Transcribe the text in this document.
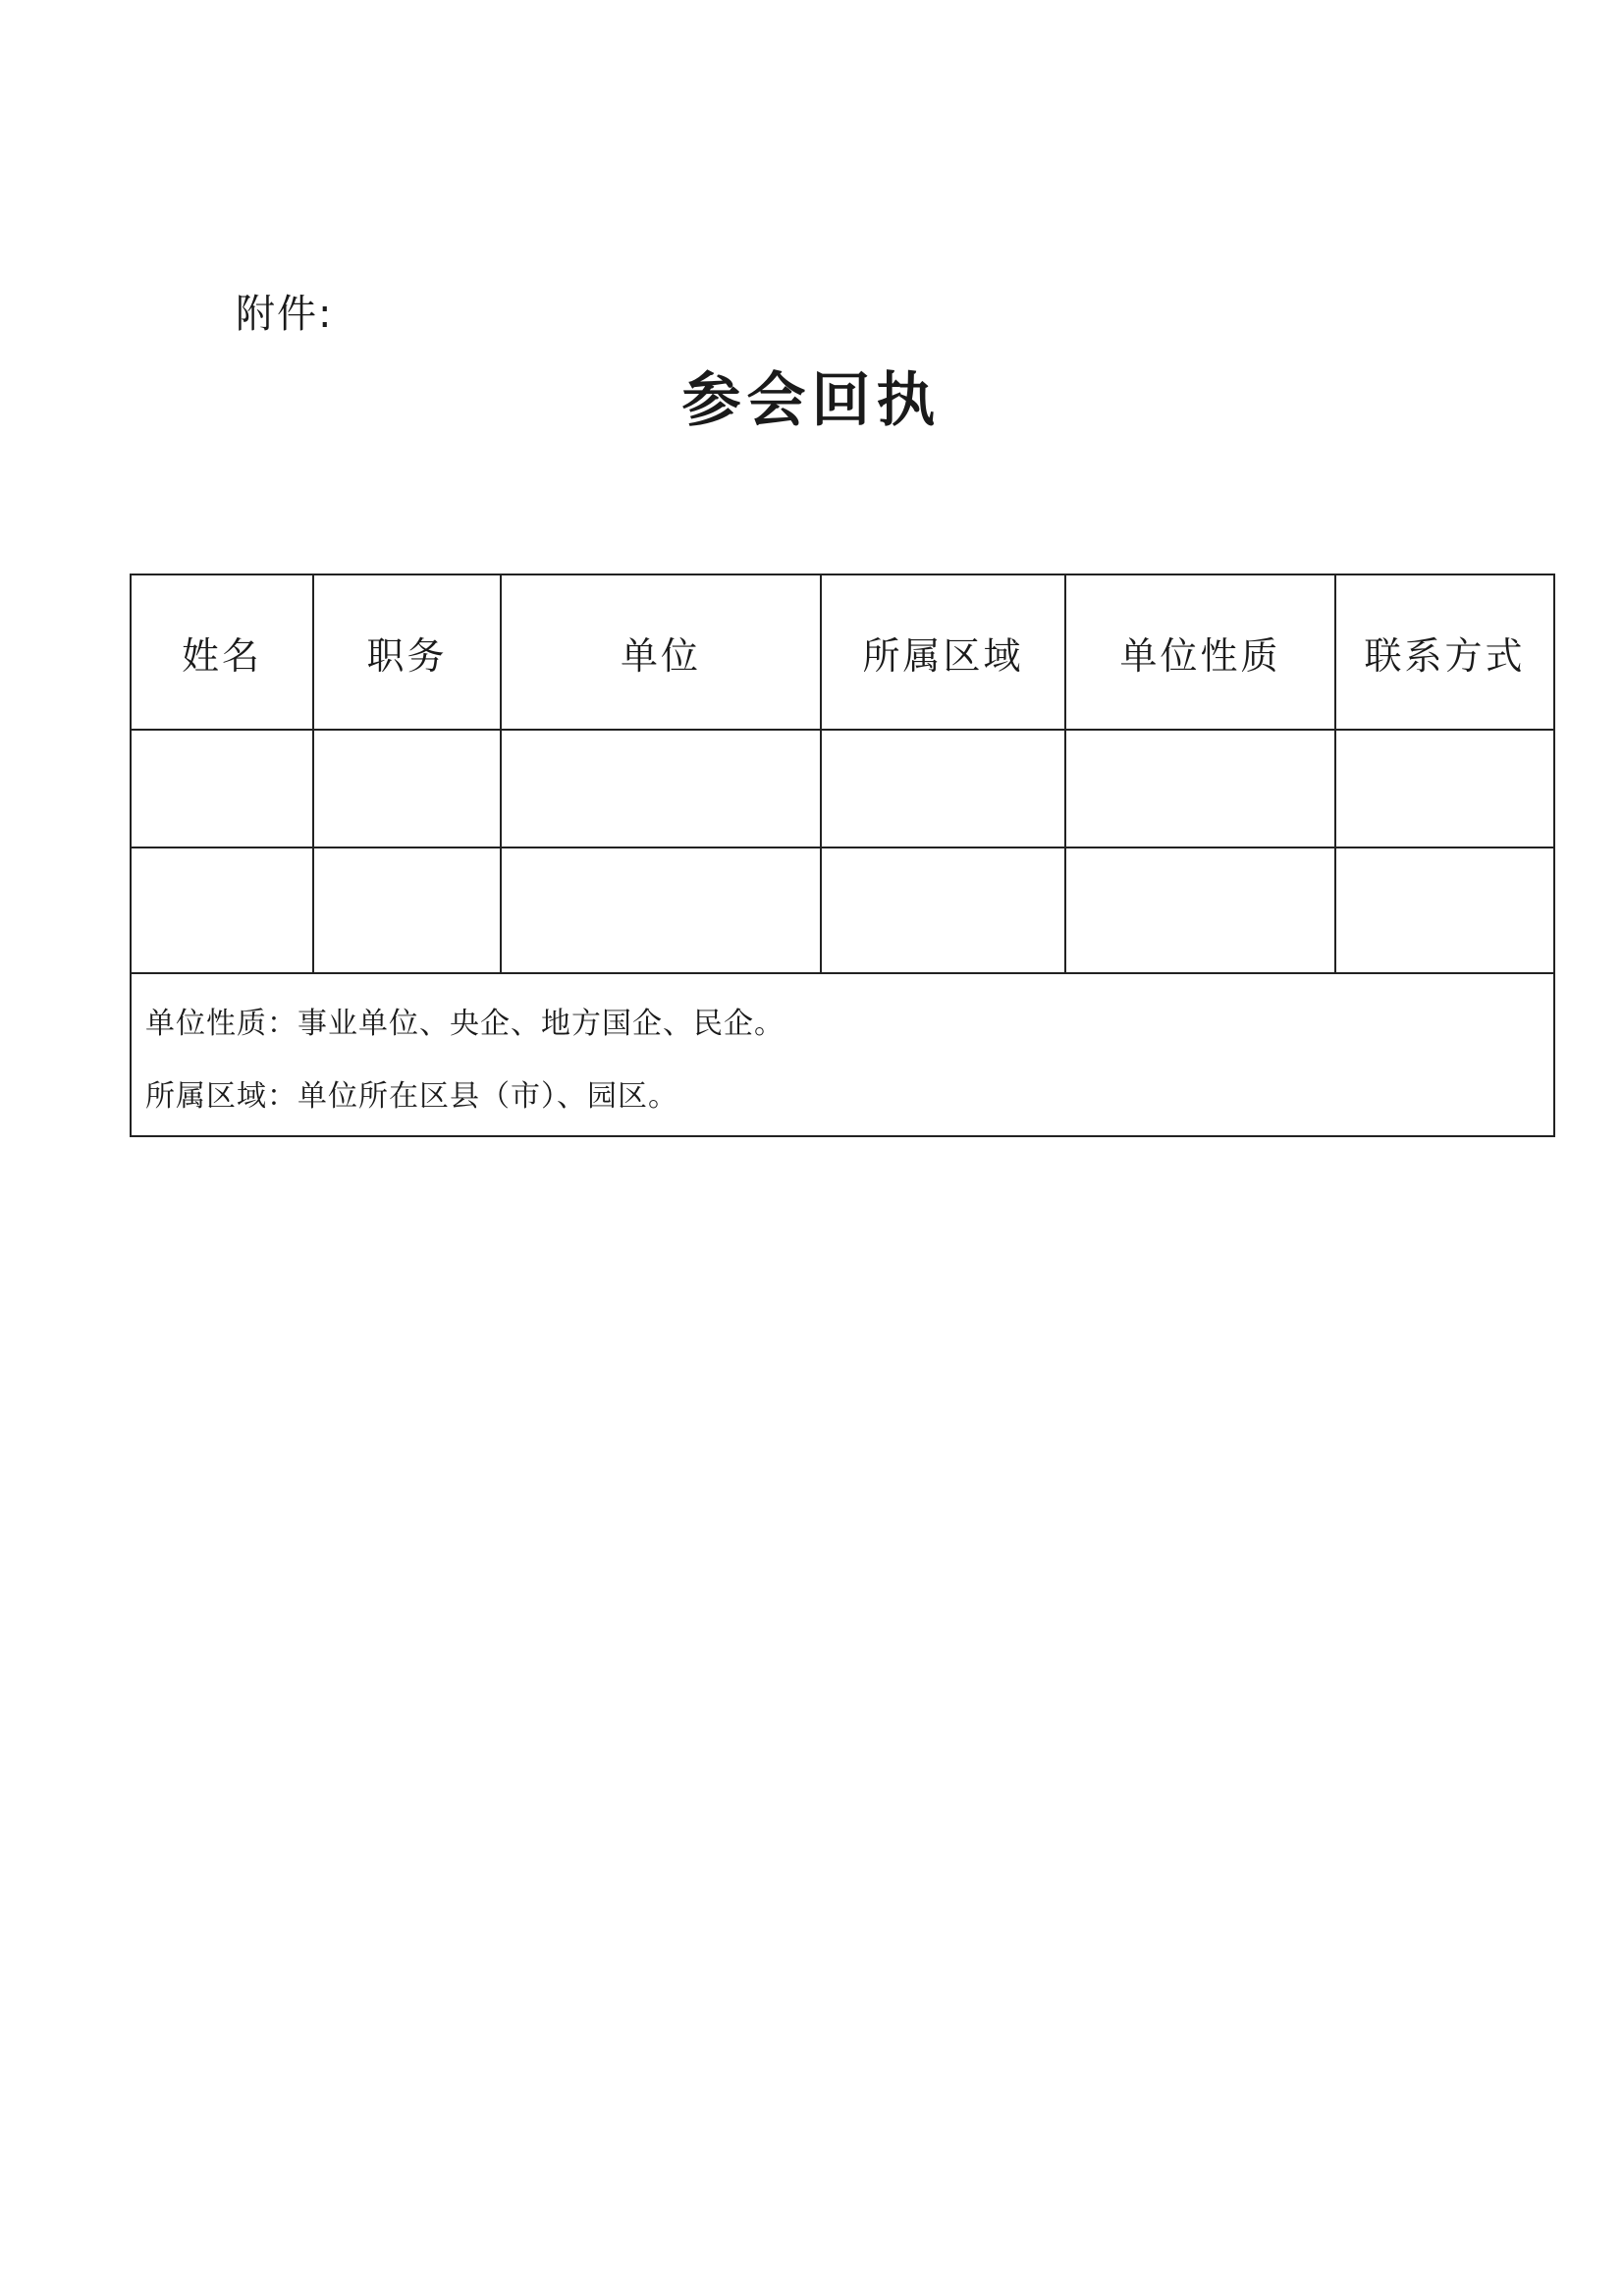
附件:
参会回执
姓名	职务	单位	所属区域	单位性质	联系方式

单位性质：事业单位、央企、地方国企、民企。
所属区域：单位所在区县（市）、园区。					
